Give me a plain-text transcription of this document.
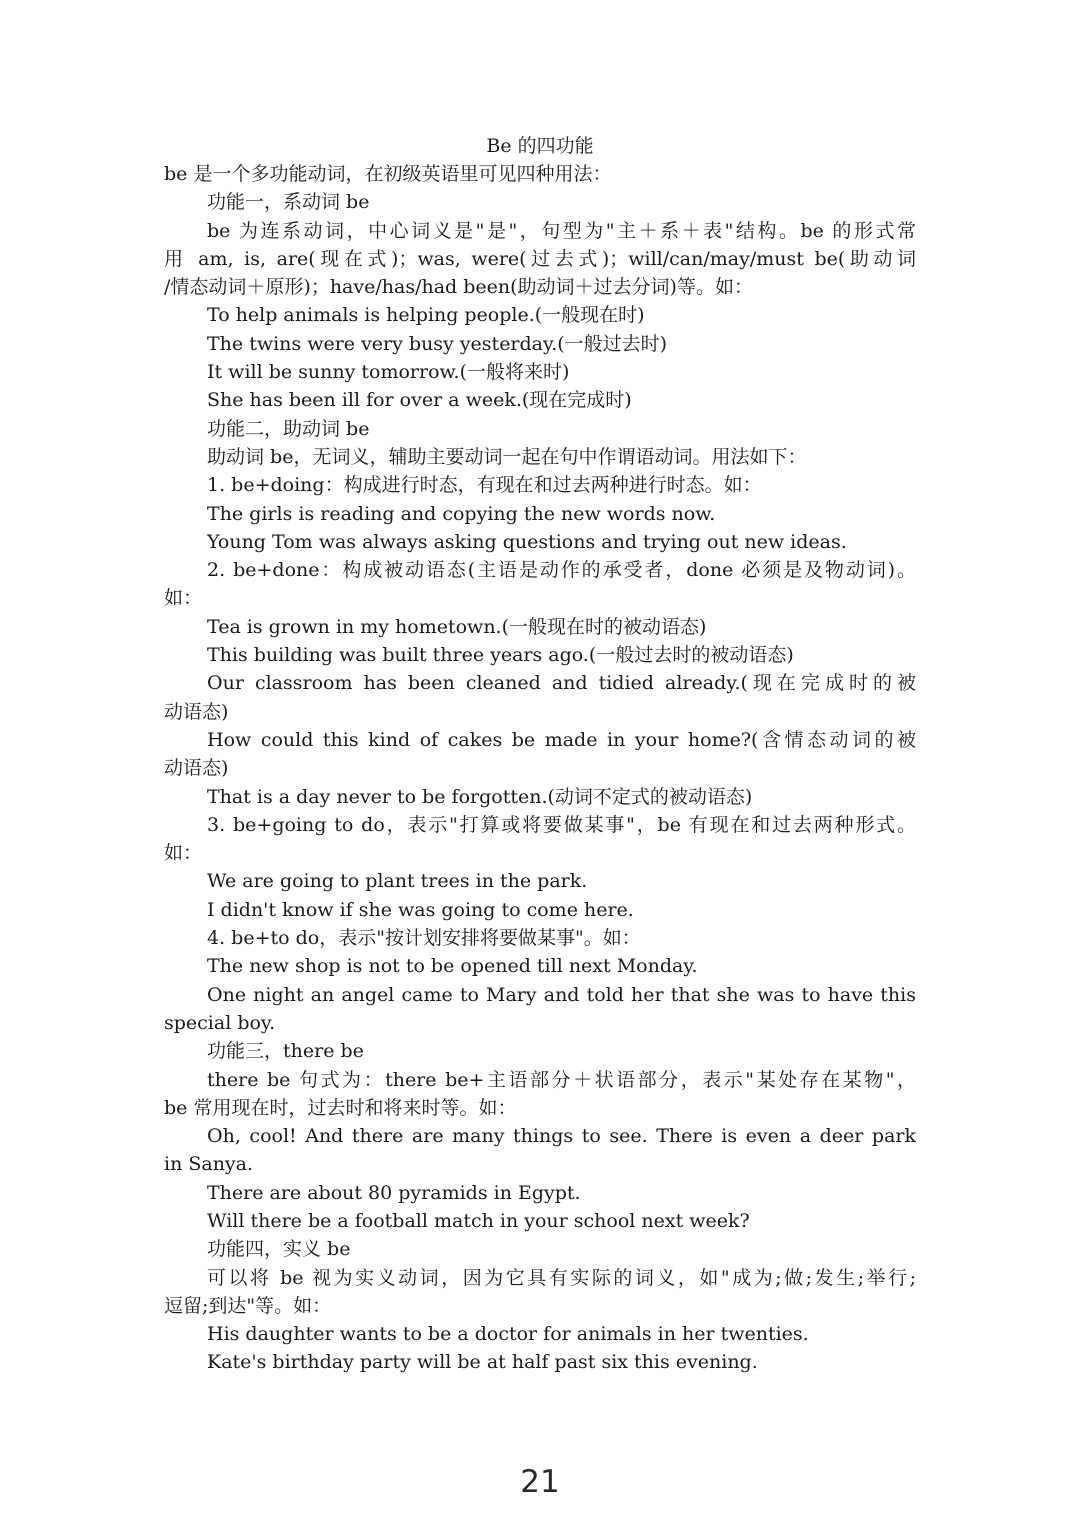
Be 的四功能
be 是一个多功能动词，在初级英语里可见四种用法：
功能一，系动词 be
be 为连系动词，中心词义是"是"，句型为"主＋系＋表"结构。be 的形式常
用 am, is, are(现在式)；was, were(过去式)；will/can/may/must be(助动词
/情态动词＋原形)；have/has/had been(助动词＋过去分词)等。如：
To help animals is helping people.(一般现在时)
The twins were very busy yesterday.(一般过去时)
It will be sunny tomorrow.(一般将来时)
She has been ill for over a week.(现在完成时)
功能二，助动词 be
助动词 be，无词义，辅助主要动词一起在句中作谓语动词。用法如下：
1. be+doing：构成进行时态，有现在和过去两种进行时态。如：
The girls is reading and copying the new words now.
Young Tom was always asking questions and trying out new ideas.
2. be+done：构成被动语态(主语是动作的承受者，done 必须是及物动词)。
如：
Tea is grown in my hometown.(一般现在时的被动语态)
This building was built three years ago.(一般过去时的被动语态)
Our classroom has been cleaned and tidied already.(现在完成时的被
动语态)
How could this kind of cakes be made in your home?(含情态动词的被
动语态)
That is a day never to be forgotten.(动词不定式的被动语态)
3. be+going to do，表示"打算或将要做某事"，be 有现在和过去两种形式。
如：
We are going to plant trees in the park.
I didn't know if she was going to come here.
4. be+to do，表示"按计划安排将要做某事"。如：
The new shop is not to be opened till next Monday.
One night an angel came to Mary and told her that she was to have this
special boy.
功能三，there be
there be 句式为：there be+主语部分＋状语部分，表示"某处存在某物"，
be 常用现在时，过去时和将来时等。如：
Oh, cool! And there are many things to see. There is even a deer park
in Sanya.
There are about 80 pyramids in Egypt.
Will there be a football match in your school next week?
功能四，实义 be
可以将 be 视为实义动词，因为它具有实际的词义，如"成为;做;发生;举行;
逗留;到达"等。如：
His daughter wants to be a doctor for animals in her twenties.
Kate's birthday party will be at half past six this evening.
21
